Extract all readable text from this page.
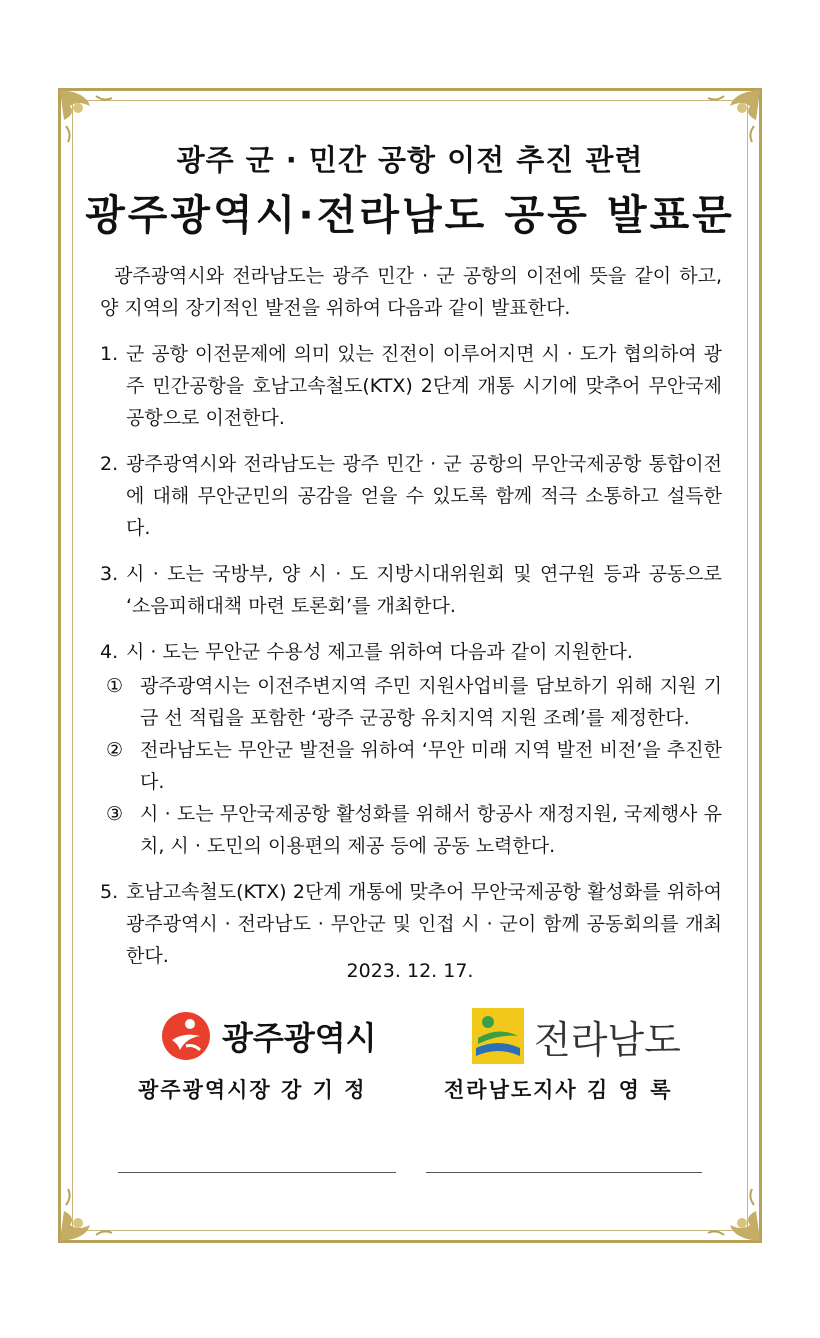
광주 군 · 민간 공항 이전 추진 관련
광주광역시·전라남도 공동 발표문

광주광역시와 전라남도는 광주 민간 · 군 공항의 이전에 뜻을 같이 하고, 양 지역의 장기적인 발전을 위하여 다음과 같이 발표한다.

1. 군 공항 이전문제에 의미 있는 진전이 이루어지면 시 · 도가 협의하여 광주 민간공항을 호남고속철도(KTX) 2단계 개통 시기에 맞추어 무안국제공항으로 이전한다.
2. 광주광역시와 전라남도는 광주 민간 · 군 공항의 무안국제공항 통합이전에 대해 무안군민의 공감을 얻을 수 있도록 함께 적극 소통하고 설득한다.
3. 시 · 도는 국방부, 양 시 · 도 지방시대위원회 및 연구원 등과 공동으로 ‘소음피해대책 마련 토론회’를 개최한다.
4. 시 · 도는 무안군 수용성 제고를 위하여 다음과 같이 지원한다.
① 광주광역시는 이전주변지역 주민 지원사업비를 담보하기 위해 지원 기금 선 적립을 포함한 ‘광주 군공항 유치지역 지원 조례’를 제정한다.
② 전라남도는 무안군 발전을 위하여 ‘무안 미래 지역 발전 비전’을 추진한다.
③ 시 · 도는 무안국제공항 활성화를 위해서 항공사 재정지원, 국제행사 유치, 시 · 도민의 이용편의 제공 등에 공동 노력한다.
5. 호남고속철도(KTX) 2단계 개통에 맞추어 무안국제공항 활성화를 위하여 광주광역시 · 전라남도 · 무안군 및 인접 시 · 군이 함께 공동회의를 개최한다.
2023. 12. 17.
광주광역시	전라남도
광주광역시장 강 기 정	전라남도지사 김 영 록
